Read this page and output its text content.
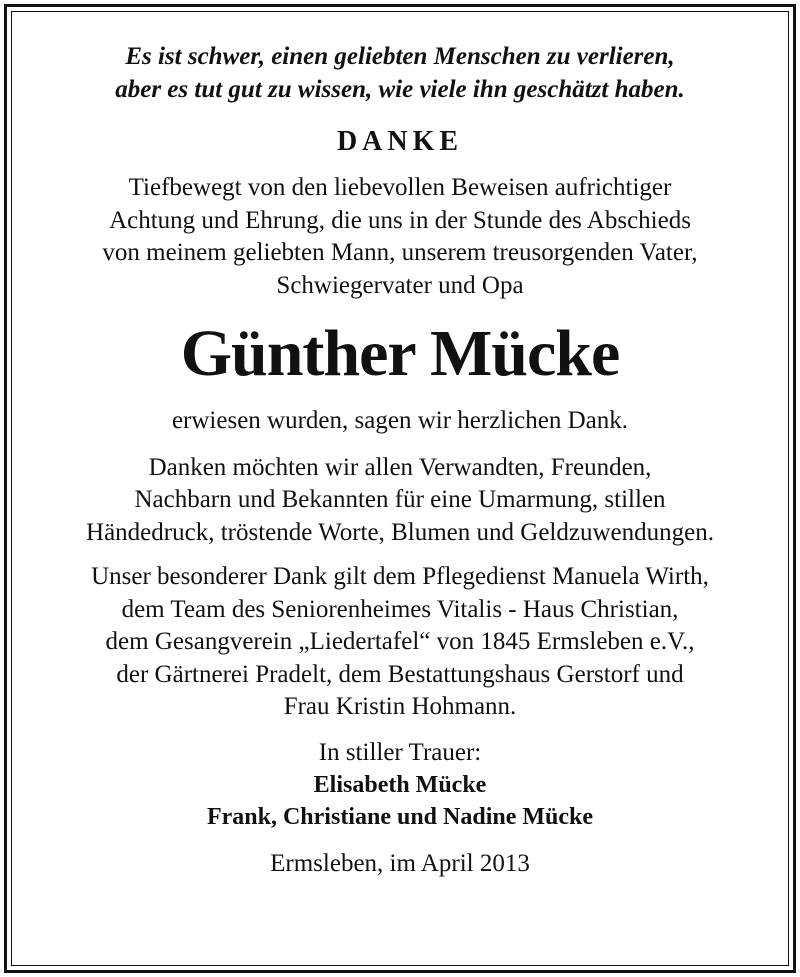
Es ist schwer, einen geliebten Menschen zu verlieren,
aber es tut gut zu wissen, wie viele ihn geschätzt haben.
DANKE
Tiefbewegt von den liebevollen Beweisen aufrichtiger
Achtung und Ehrung, die uns in der Stunde des Abschieds
von meinem geliebten Mann, unserem treusorgenden Vater,
Schwiegervater und Opa
Günther Mücke
erwiesen wurden, sagen wir herzlichen Dank.
Danken möchten wir allen Verwandten, Freunden,
Nachbarn und Bekannten für eine Umarmung, stillen
Händedruck, tröstende Worte, Blumen und Geldzuwendungen.
Unser besonderer Dank gilt dem Pflegedienst Manuela Wirth,
dem Team des Seniorenheimes Vitalis - Haus Christian,
dem Gesangverein „Liedertafel“ von 1845 Ermsleben e.V.,
der Gärtnerei Pradelt, dem Bestattungshaus Gerstorf und
Frau Kristin Hohmann.
In stiller Trauer:
Elisabeth Mücke
Frank, Christiane und Nadine Mücke
Ermsleben, im April 2013
